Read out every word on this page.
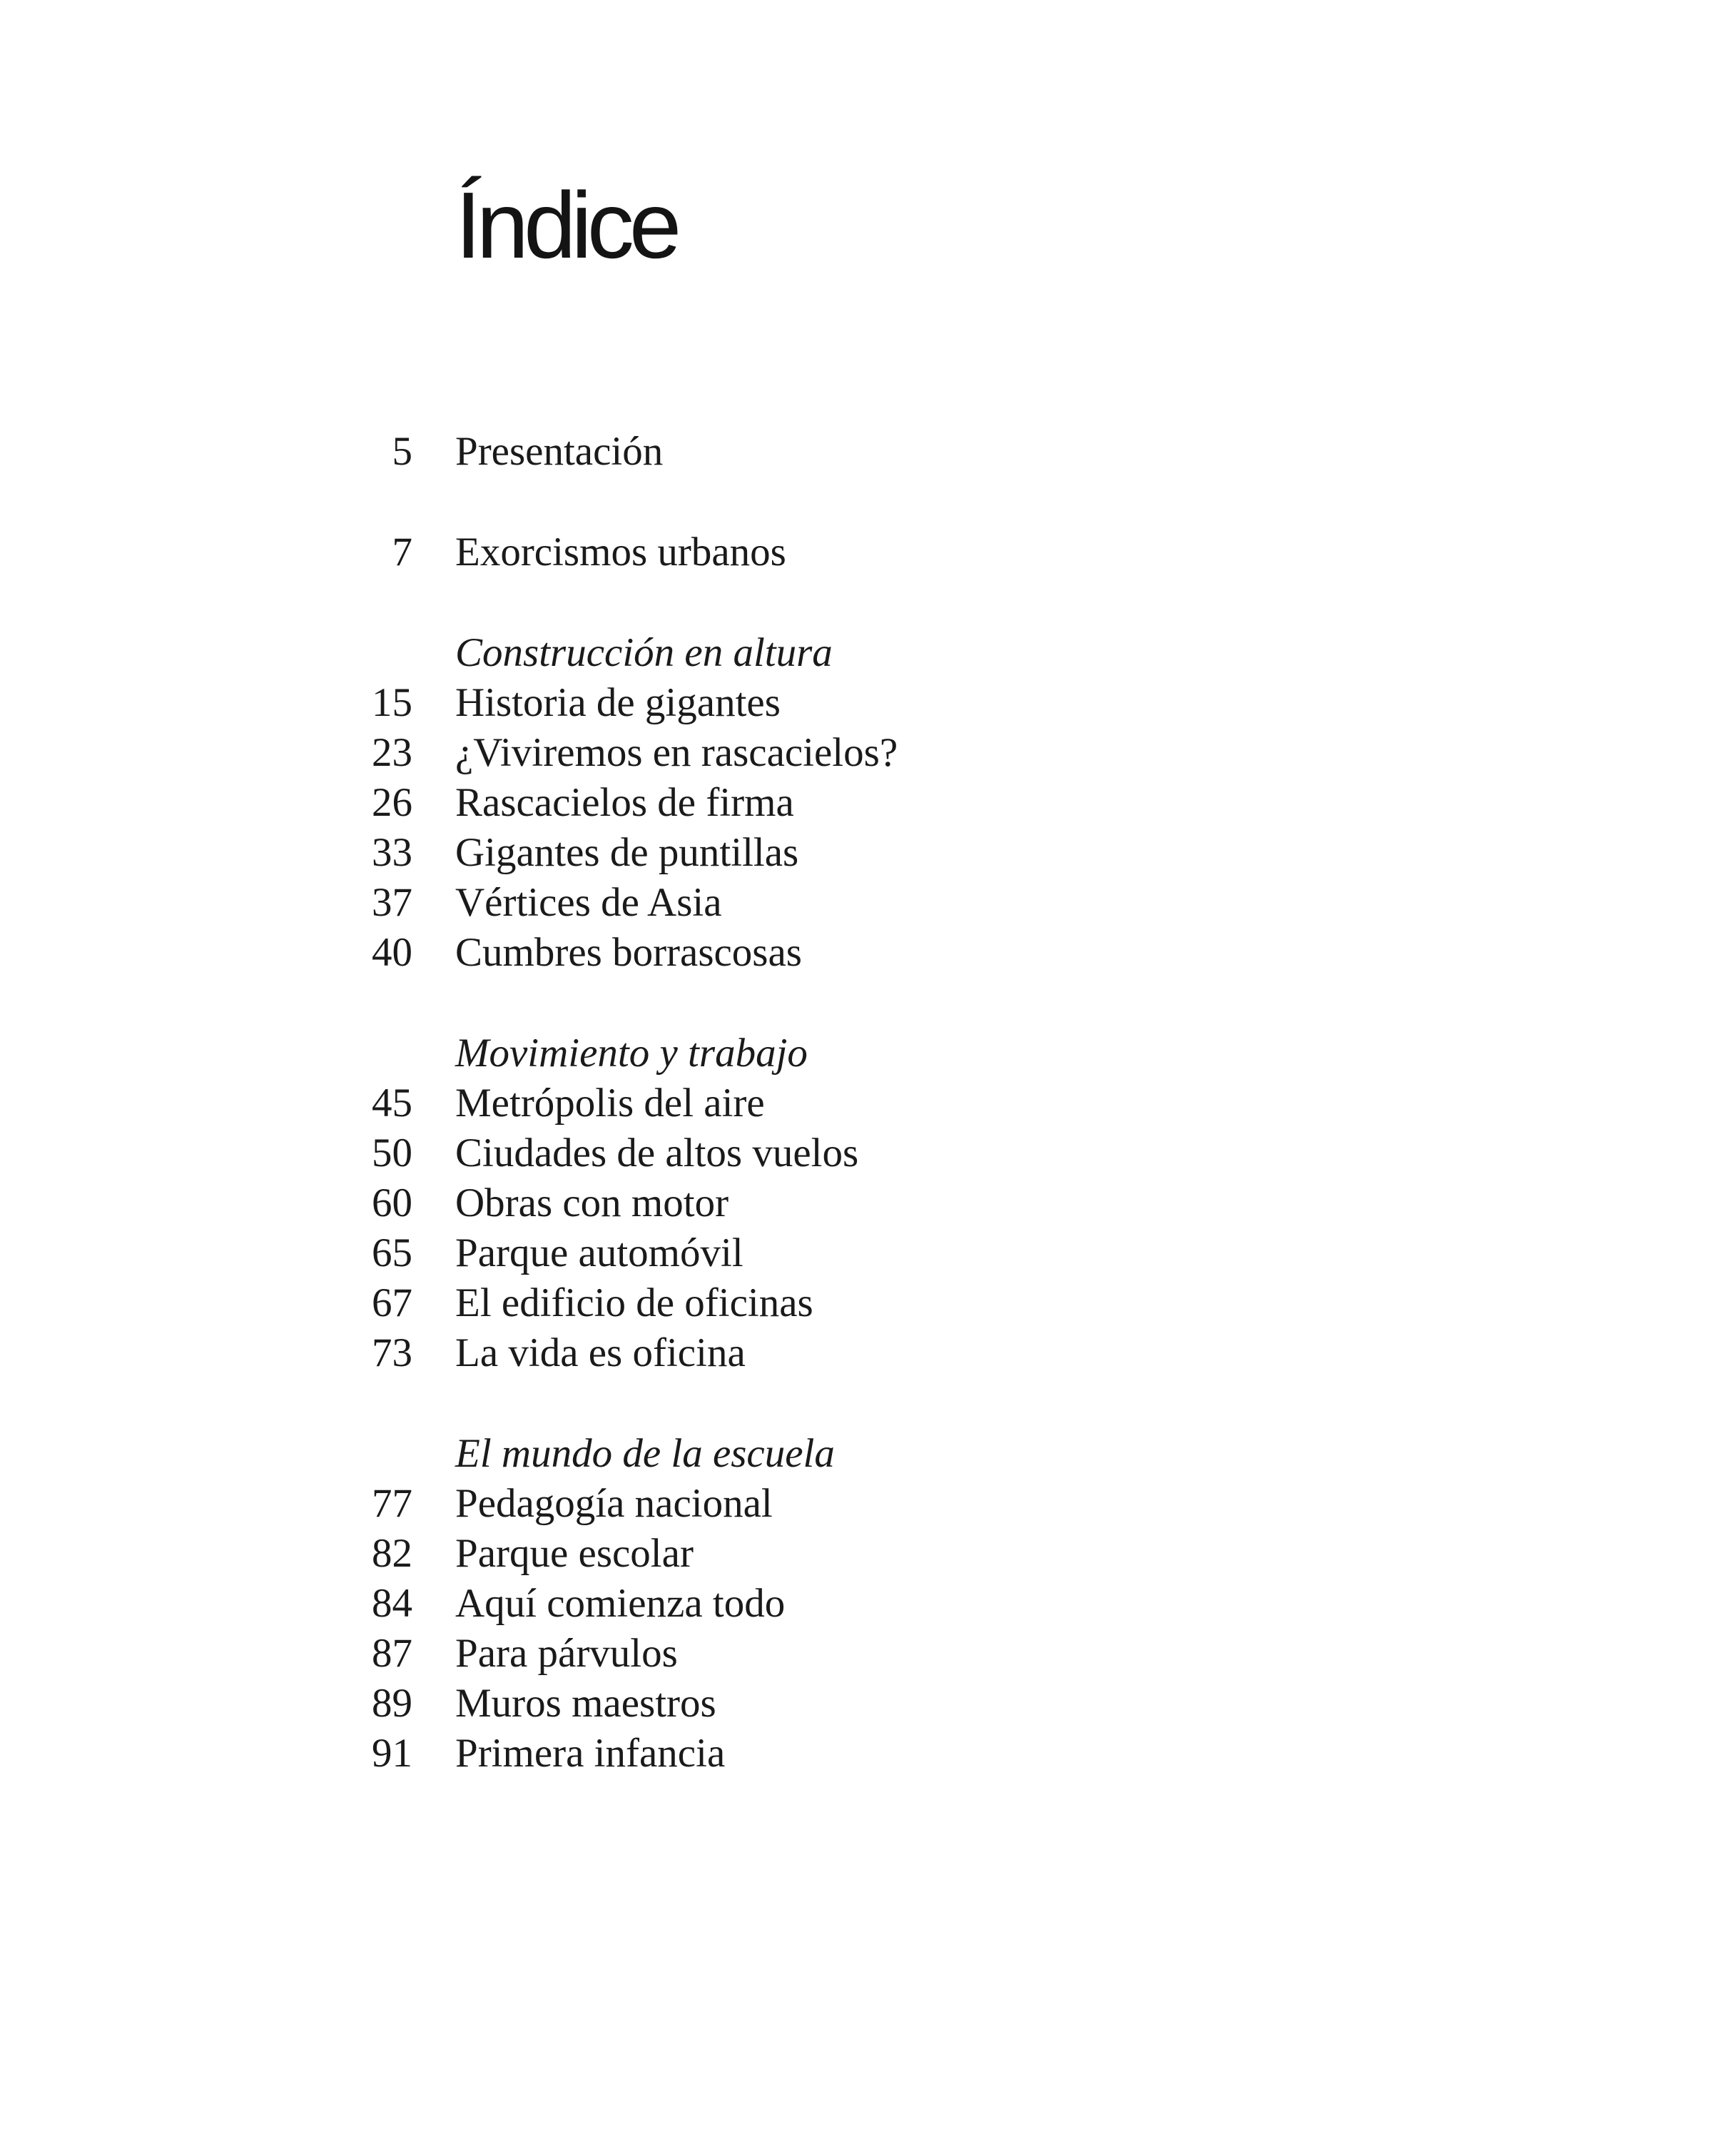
Índice
5 Presentación
7 Exorcismos urbanos
Construcción en altura
15 Historia de gigantes
23 ¿Viviremos en rascacielos?
26 Rascacielos de firma
33 Gigantes de puntillas
37 Vértices de Asia
40 Cumbres borrascosas
Movimiento y trabajo
45 Metrópolis del aire
50 Ciudades de altos vuelos
60 Obras con motor
65 Parque automóvil
67 El edificio de oficinas
73 La vida es oficina
El mundo de la escuela
77 Pedagogía nacional
82 Parque escolar
84 Aquí comienza todo
87 Para párvulos
89 Muros maestros
91 Primera infancia
